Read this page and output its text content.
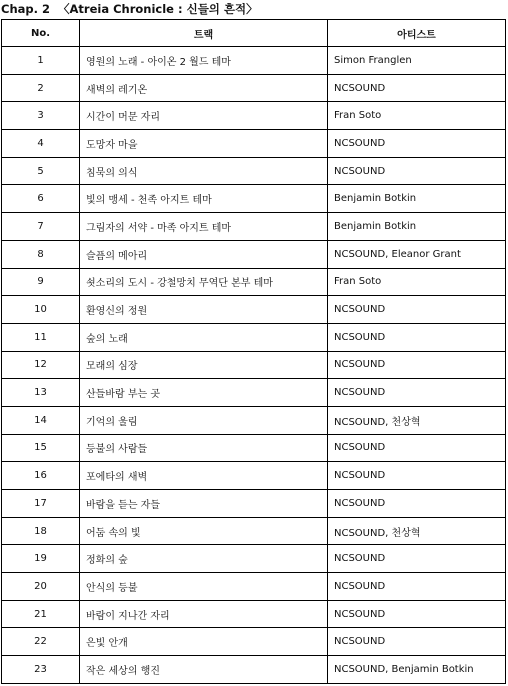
Chap. 2 〈Atreia Chronicle : 신들의 흔적〉
No.	트랙	아티스트
1	영원의 노래 - 아이온 2 월드 테마	Simon Franglen
2	새벽의 레기온	NCSOUND
3	시간이 머문 자리	Fran Soto
4	도망자 마을	NCSOUND
5	침묵의 의식	NCSOUND
6	빛의 맹세 - 천족 아지트 테마	Benjamin Botkin
7	그림자의 서약 - 마족 아지트 테마	Benjamin Botkin
8	슬픔의 메아리	NCSOUND, Eleanor Grant
9	쇳소리의 도시 - 강철망치 무역단 본부 테마	Fran Soto
10	환영신의 정원	NCSOUND
11	숲의 노래	NCSOUND
12	모래의 심장	NCSOUND
13	산들바람 부는 곳	NCSOUND
14	기억의 울림	NCSOUND, 천상혁
15	등불의 사람들	NCSOUND
16	포에타의 새벽	NCSOUND
17	바람을 듣는 자들	NCSOUND
18	어둠 속의 빛	NCSOUND, 천상혁
19	정화의 숲	NCSOUND
20	안식의 등불	NCSOUND
21	바람이 지나간 자리	NCSOUND
22	은빛 안개	NCSOUND
23	작은 세상의 행진	NCSOUND, Benjamin Botkin
